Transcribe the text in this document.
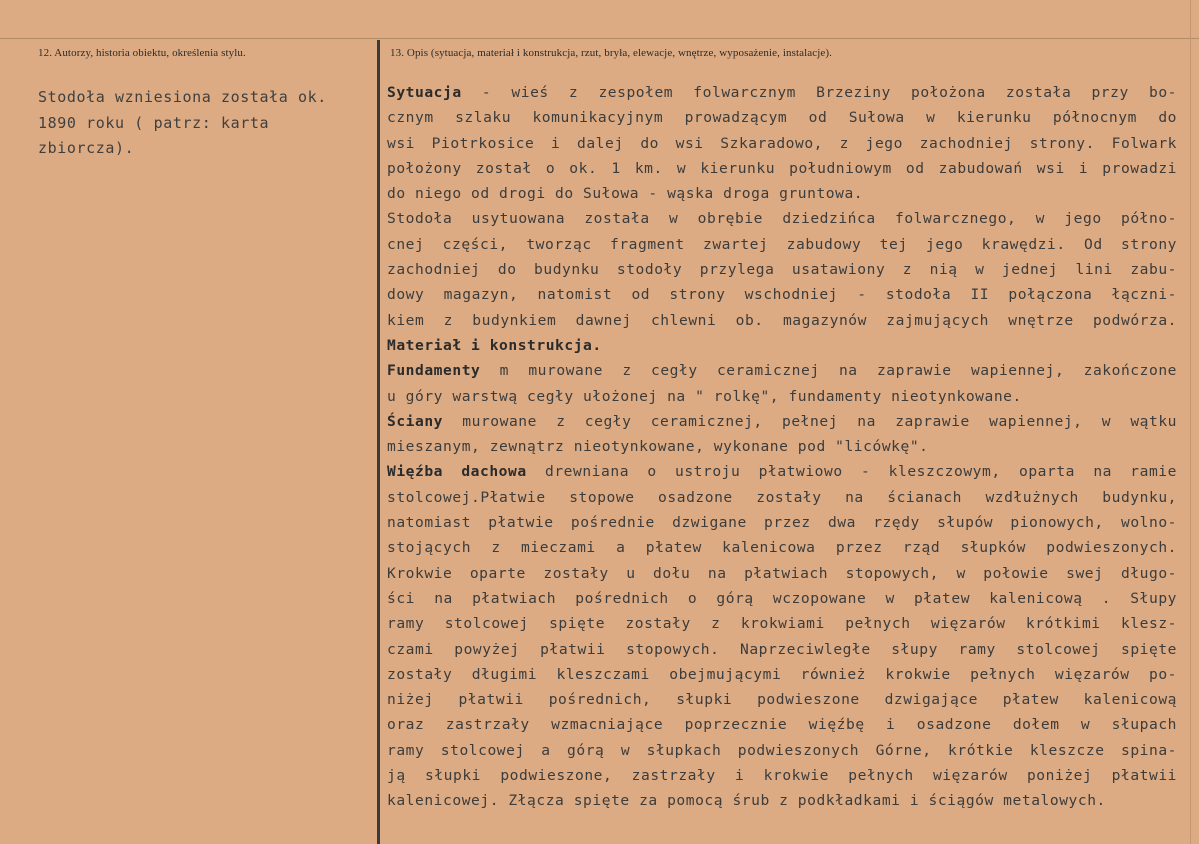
12. Autorzy, historia obiektu, określenia stylu.	13. Opis (sytuacja, materiał i konstrukcja, rzut, bryła, elewacje, wnętrze, wyposażenie, instalacje).
Stodoła wzniesiona została ok.
1890 roku ( patrz: karta
zbiorcza).
Sytuacja - wieś z zespołem folwarcznym Brzeziny położona została przy bo-
cznym szlaku komunikacyjnym prowadzącym od Sułowa w kierunku północnym do
wsi Piotrkosice i dalej do wsi Szkaradowo, z jego zachodniej strony. Folwark
położony został o ok. 1 km. w kierunku południowym od zabudowań wsi i prowadzi
do niego od drogi do Sułowa - wąska droga gruntowa.
Stodoła usytuowana została w obrębie dziedzińca folwarcznego, w jego półno-
cnej części, tworząc fragment zwartej zabudowy tej jego krawędzi. Od strony
zachodniej do budynku stodoły przylega usatawiony z nią w jednej lini zabu-
dowy magazyn, natomist od strony wschodniej - stodoła II połączona łączni-
kiem z budynkiem dawnej chlewni ob. magazynów zajmujących wnętrze podwórza.
Materiał i konstrukcja.
Fundamenty m murowane z cegły ceramicznej na zaprawie wapiennej, zakończone
u góry warstwą cegły ułożonej na " rolkę", fundamenty nieotynkowane.
Ściany murowane z cegły ceramicznej, pełnej na zaprawie wapiennej, w wątku
mieszanym, zewnątrz nieotynkowane, wykonane pod "licówkę".
Więźba dachowa drewniana o ustroju płatwiowo - kleszczowym, oparta na ramie
stolcowej.Płatwie stopowe osadzone zostały na ścianach wzdłużnych budynku,
natomiast płatwie pośrednie dzwigane przez dwa rzędy słupów pionowych, wolno-
stojących z mieczami a płatew kalenicowa przez rząd słupków podwieszonych.
Krokwie oparte zostały u dołu na płatwiach stopowych, w połowie swej długo-
ści na płatwiach pośrednich o górą wczopowane w płatew kalenicową . Słupy
ramy stolcowej spięte zostały z krokwiami pełnych więzarów krótkimi klesz-
czami powyżej płatwii stopowych. Naprzeciwległe słupy ramy stolcowej spięte
zostały długimi kleszczami obejmującymi również krokwie pełnych więzarów po-
niżej płatwii pośrednich, słupki podwieszone dzwigające płatew kalenicową
oraz zastrzały wzmacniające poprzecznie więźbę i osadzone dołem w słupach
ramy stolcowej a górą w słupkach podwieszonych Górne, krótkie kleszcze spina-
ją słupki podwieszone, zastrzały i krokwie pełnych więzarów poniżej płatwii
kalenicowej. Złącza spięte za pomocą śrub z podkładkami i ściągów metalowych.
